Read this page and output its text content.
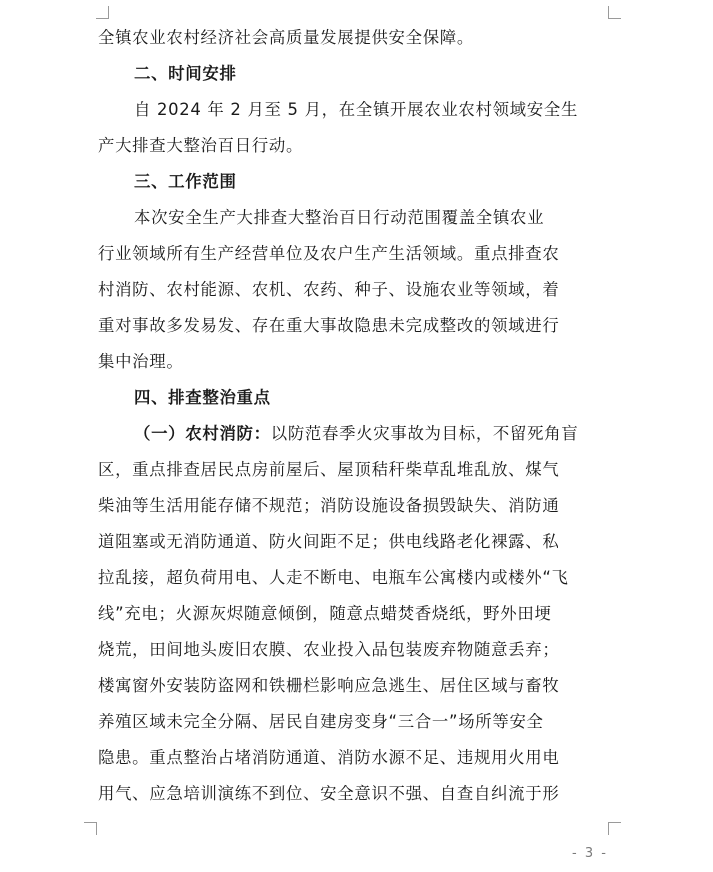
全镇农业农村经济社会高质量发展提供安全保障。
二、时间安排
自 2024 年 2 月至 5 月，在全镇开展农业农村领域安全生
产大排查大整治百日行动。
三、工作范围
本次安全生产大排查大整治百日行动范围覆盖全镇农业
行业领域所有生产经营单位及农户生产生活领域。重点排查农
村消防、农村能源、农机、农药、种子、设施农业等领域，着
重对事故多发易发、存在重大事故隐患未完成整改的领域进行
集中治理。
四、排查整治重点
（一）农村消防：以防范春季火灾事故为目标，不留死角盲
区，重点排查居民点房前屋后、屋顶秸秆柴草乱堆乱放、煤气
柴油等生活用能存储不规范；消防设施设备损毁缺失、消防通
道阻塞或无消防通道、防火间距不足；供电线路老化裸露、私
拉乱接，超负荷用电、人走不断电、电瓶车公寓楼内或楼外“飞
线”充电；火源灰烬随意倾倒，随意点蜡焚香烧纸，野外田埂
烧荒，田间地头废旧农膜、农业投入品包装废弃物随意丢弃；
楼寓窗外安装防盗网和铁栅栏影响应急逃生、居住区域与畜牧
养殖区域未完全分隔、居民自建房变身“三合一”场所等安全
隐患。重点整治占堵消防通道、消防水源不足、违规用火用电
用气、应急培训演练不到位、安全意识不强、自查自纠流于形
- 3 -
